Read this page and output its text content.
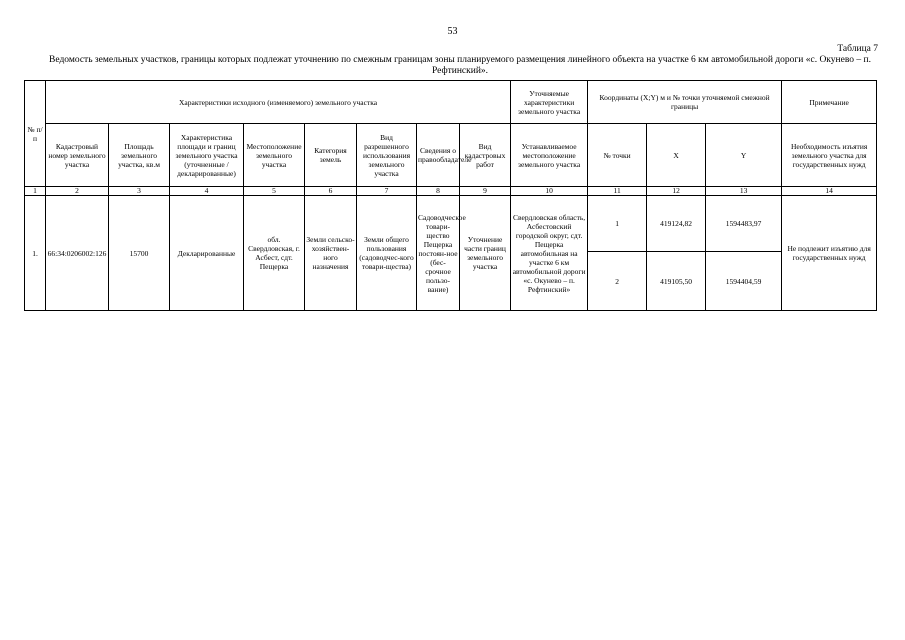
53
Таблица 7
Ведомость земельных участков, границы которых подлежат уточнению по смежным границам зоны планируемого размещения линейного объекта на участке 6 км автомобильной дороги «с. Окунево – п. Рефтинский».
№ п/п	Характеристики исходного (изменяемого) земельного участка								Уточняемые характеристики земельного участка	Координаты (X;Y) м и № точки уточняемой смежной границы			Примечание
	Кадастровый номер земельного участка	Площадь земельного участка, кв.м	Характеристика площади и границ земельного участка (уточненные / декларированные)	Местоположение земельного участка	Категория земель	Вид разрешенного использования земельного участка	Сведения о правообладателе	Вид кадастровых работ	Устанавливаемое местоположение земельного участка	№ точки	X	Y	Необходимость изъятия земельного участка для государственных нужд
1	2	3	4	5	6	7	8	9	10	11	12	13	14
1.	66:34:0206002:126	15700	Декларированные	обл. Свердловская, г. Асбест, сдт. Пещерка	Земли сельско-хозяйствен-ного назначения	Земли общего пользования (садоводчес-кого товари-щества)	Садоводческое товари-щество Пещерка постоян-ное (бес-срочное пользо-вание)	Уточнение части границ земельного участка	Свердловская область, Асбестовский городской округ, сдт. Пещерка автомобильная на участке 6 км автомобильной дороги «с. Окунево – п. Рефтинский»	1	419124,82	1594483,97	Не подлежит изъятию для государственных нужд
										2	419105,50	1594404,59	
